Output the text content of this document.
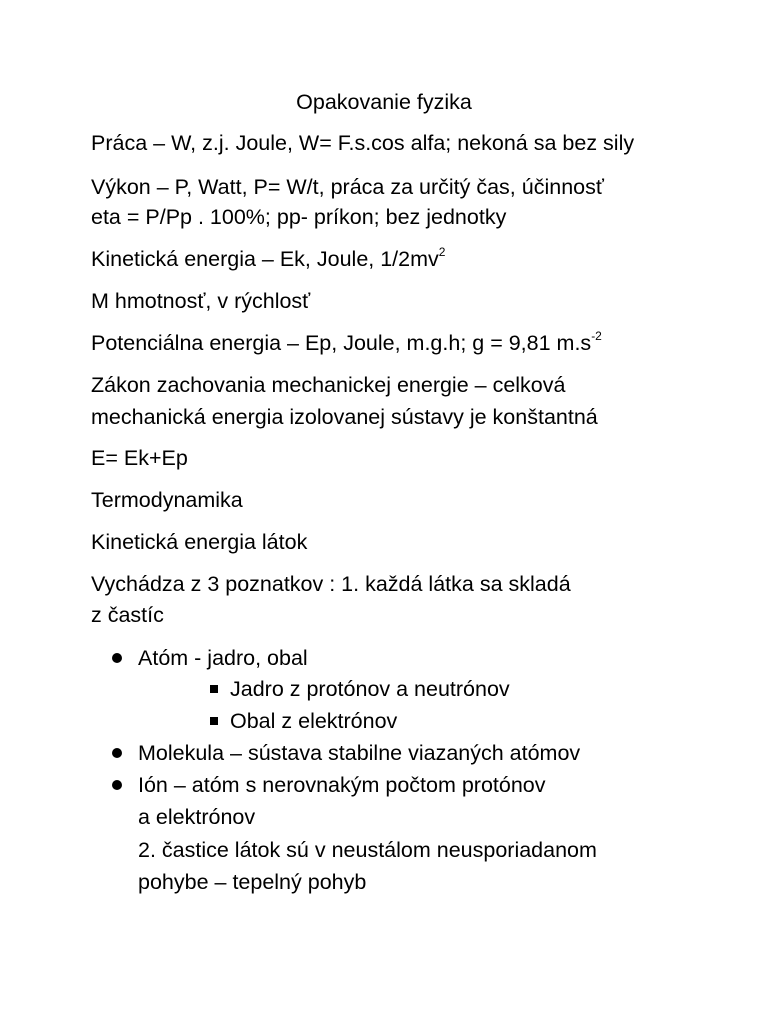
Opakovanie fyzika
Práca – W, z.j. Joule, W= F.s.cos alfa; nekoná sa bez sily
Výkon – P, Watt, P= W/t, práca za určitý čas, účinnosť
eta = P/Pp . 100%; pp- príkon; bez jednotky
Kinetická energia – Ek, Joule, $1/2mv^2$
M hmotnosť, v rýchlosť
Potenciálna energia – Ep, Joule, m.g.h; g = 9,81 $m.s^{-2}$
Zákon zachovania mechanickej energie – celková
mechanická energia izolovanej sústavy je konštantná
E= Ek+Ep
Termodynamika
Kinetická energia látok
Vychádza z 3 poznatkov : 1. každá látka sa skladá
z častíc
Atóm - jadro, obal
Jadro z protónov a neutrónov
Obal z elektrónov
Molekula – sústava stabilne viazaných atómov
Ión – atóm s nerovnakým počtom protónov
a elektrónov
2. častice látok sú v neustálom neusporiadanom
pohybe – tepelný pohyb
